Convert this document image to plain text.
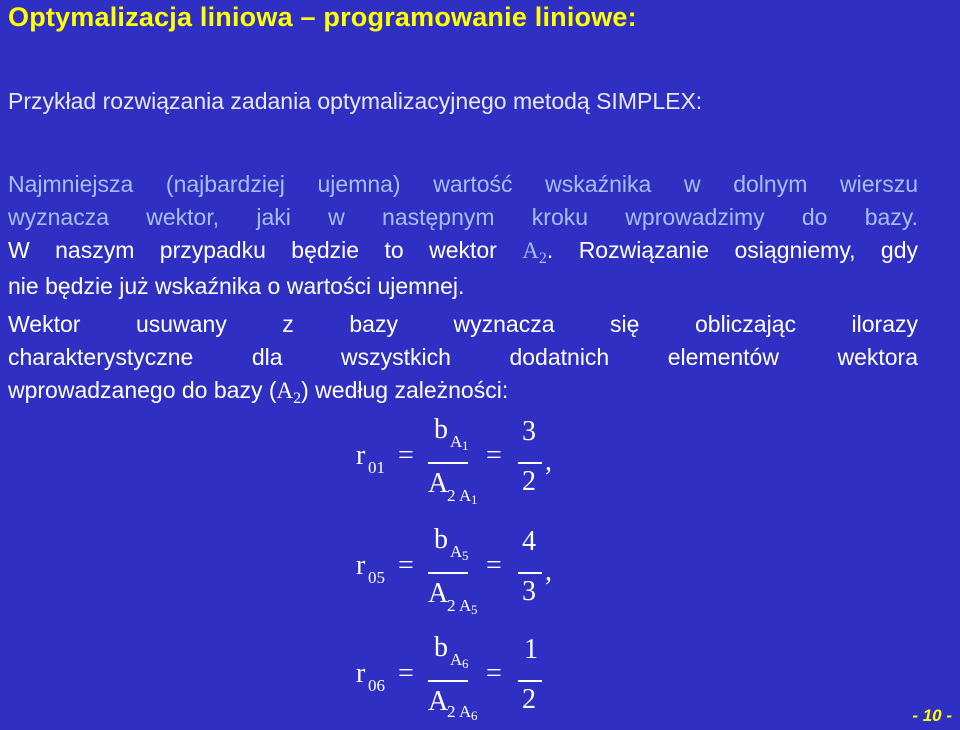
Optymalizacja liniowa – programowanie liniowe:
Przykład rozwiązania zadania optymalizacyjnego metodą SIMPLEX:
Najmniejsza (najbardziej ujemna) wartość wskaźnika w dolnym wierszu
wyznacza wektor, jaki w następnym kroku wprowadzimy do bazy.
W naszym przypadku będzie to wektor $A_2$. Rozwiązanie osiągniemy, gdy
nie będzie już wskaźnika o wartości ujemnej.
Wektor usuwany z bazy wyznacza się obliczając ilorazy
charakterystyczne dla wszystkich dodatnich elementów wektora
wprowadzanego do bazy $(A_2)$ według zależności:
r 01 =
b A 1
A
2 A 1
=
3
2
,
r 05 =
b A 5
A
2 A 5
=
4
3
,
r 06 =
b A 6
A
2 A 6
=
1
2
- 10 -
